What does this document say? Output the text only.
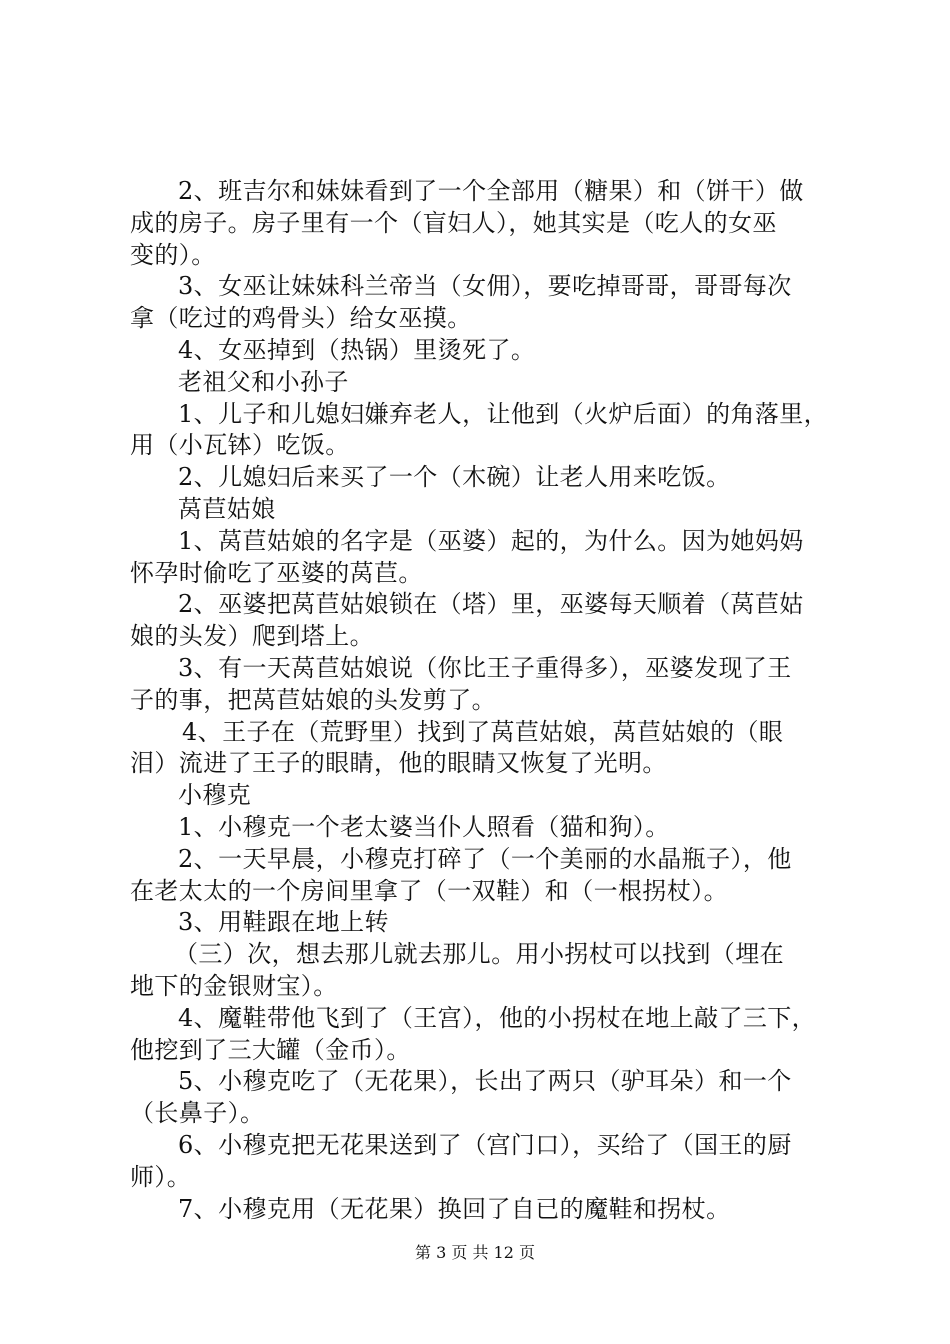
2、班吉尔和妹妹看到了一个全部用（糖果）和（饼干）做
成的房子。房子里有一个（盲妇人），她其实是（吃人的女巫
变的）。
3、女巫让妹妹科兰帝当（女佣），要吃掉哥哥，哥哥每次
拿（吃过的鸡骨头）给女巫摸。
4、女巫掉到（热锅）里烫死了。
老祖父和小孙子
1、儿子和儿媳妇嫌弃老人，让他到（火炉后面）的角落里，
用（小瓦钵）吃饭。
2、儿媳妇后来买了一个（木碗）让老人用来吃饭。
莴苣姑娘
1、莴苣姑娘的名字是（巫婆）起的，为什么。因为她妈妈
怀孕时偷吃了巫婆的莴苣。
2、巫婆把莴苣姑娘锁在（塔）里，巫婆每天顺着（莴苣姑
娘的头发）爬到塔上。
3、有一天莴苣姑娘说（你比王子重得多），巫婆发现了王
子的事，把莴苣姑娘的头发剪了。
4、王子在（荒野里）找到了莴苣姑娘，莴苣姑娘的（眼
泪）流进了王子的眼睛，他的眼睛又恢复了光明。
小穆克
1、小穆克一个老太婆当仆人照看（猫和狗）。
2、一天早晨，小穆克打碎了（一个美丽的水晶瓶子），他
在老太太的一个房间里拿了（一双鞋）和（一根拐杖）。
3、用鞋跟在地上转
（三）次，想去那儿就去那儿。用小拐杖可以找到（埋在
地下的金银财宝）。
4、魔鞋带他飞到了（王宫），他的小拐杖在地上敲了三下，
他挖到了三大罐（金币）。
5、小穆克吃了（无花果），长出了两只（驴耳朵）和一个
（长鼻子）。
6、小穆克把无花果送到了（宫门口），买给了（国王的厨
师）。
7、小穆克用（无花果）换回了自已的魔鞋和拐杖。
第 3 页 共 12 页
